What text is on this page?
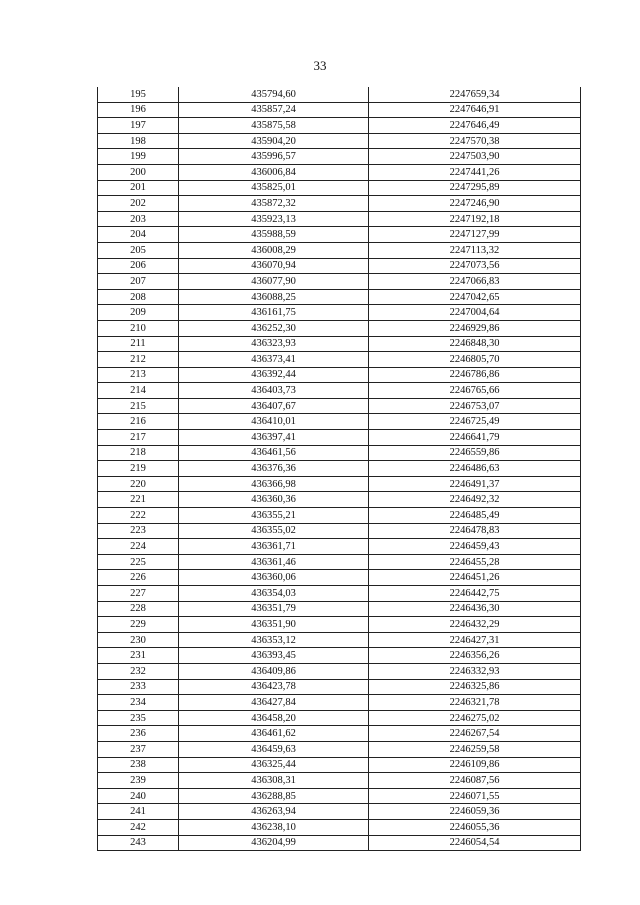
33
195	435794,60	2247659,34
196	435857,24	2247646,91
197	435875,58	2247646,49
198	435904,20	2247570,38
199	435996,57	2247503,90
200	436006,84	2247441,26
201	435825,01	2247295,89
202	435872,32	2247246,90
203	435923,13	2247192,18
204	435988,59	2247127,99
205	436008,29	2247113,32
206	436070,94	2247073,56
207	436077,90	2247066,83
208	436088,25	2247042,65
209	436161,75	2247004,64
210	436252,30	2246929,86
211	436323,93	2246848,30
212	436373,41	2246805,70
213	436392,44	2246786,86
214	436403,73	2246765,66
215	436407,67	2246753,07
216	436410,01	2246725,49
217	436397,41	2246641,79
218	436461,56	2246559,86
219	436376,36	2246486,63
220	436366,98	2246491,37
221	436360,36	2246492,32
222	436355,21	2246485,49
223	436355,02	2246478,83
224	436361,71	2246459,43
225	436361,46	2246455,28
226	436360,06	2246451,26
227	436354,03	2246442,75
228	436351,79	2246436,30
229	436351,90	2246432,29
230	436353,12	2246427,31
231	436393,45	2246356,26
232	436409,86	2246332,93
233	436423,78	2246325,86
234	436427,84	2246321,78
235	436458,20	2246275,02
236	436461,62	2246267,54
237	436459,63	2246259,58
238	436325,44	2246109,86
239	436308,31	2246087,56
240	436288,85	2246071,55
241	436263,94	2246059,36
242	436238,10	2246055,36
243	436204,99	2246054,54
